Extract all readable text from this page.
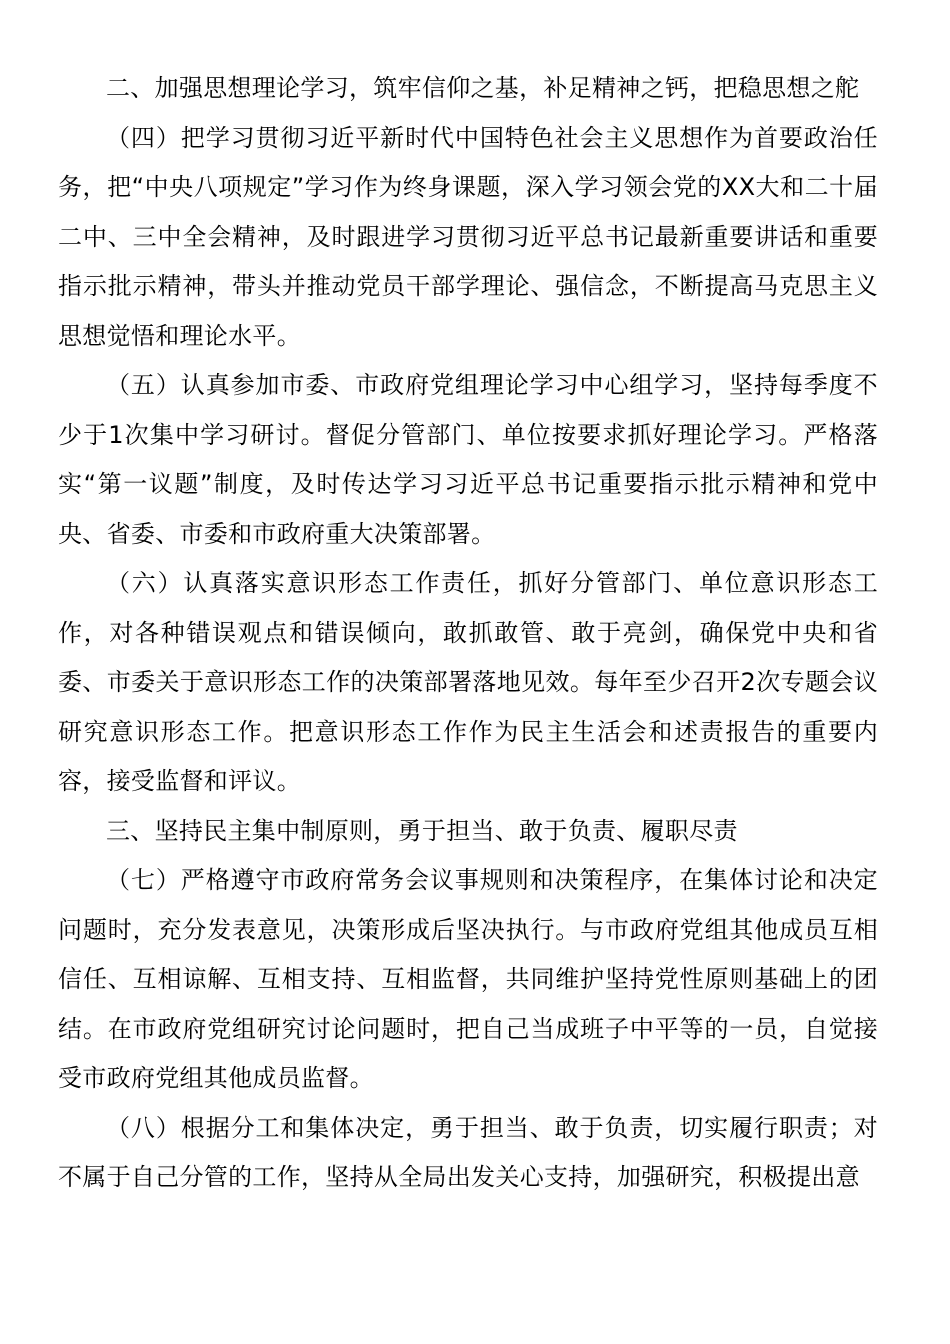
二、加强思想理论学习，筑牢信仰之基，补足精神之钙，把稳思想之舵

（四）把学习贯彻习近平新时代中国特色社会主义思想作为首要政治任务，把“中央八项规定”学习作为终身课题，深入学习领会党的XX大和二十届二中、三中全会精神，及时跟进学习贯彻习近平总书记最新重要讲话和重要指示批示精神，带头并推动党员干部学理论、强信念，不断提高马克思主义思想觉悟和理论水平。

（五）认真参加市委、市政府党组理论学习中心组学习，坚持每季度不少于1次集中学习研讨。督促分管部门、单位按要求抓好理论学习。严格落实“第一议题”制度，及时传达学习习近平总书记重要指示批示精神和党中央、省委、市委和市政府重大决策部署。

（六）认真落实意识形态工作责任，抓好分管部门、单位意识形态工作，对各种错误观点和错误倾向，敢抓敢管、敢于亮剑，确保党中央和省委、市委关于意识形态工作的决策部署落地见效。每年至少召开2次专题会议研究意识形态工作。把意识形态工作作为民主生活会和述责报告的重要内容，接受监督和评议。

三、坚持民主集中制原则，勇于担当、敢于负责、履职尽责

（七）严格遵守市政府常务会议事规则和决策程序，在集体讨论和决定问题时，充分发表意见，决策形成后坚决执行。与市政府党组其他成员互相信任、互相谅解、互相支持、互相监督，共同维护坚持党性原则基础上的团结。在市政府党组研究讨论问题时，把自己当成班子中平等的一员，自觉接受市政府党组其他成员监督。

（八）根据分工和集体决定，勇于担当、敢于负责，切实履行职责；对不属于自己分管的工作，坚持从全局出发关心支持，加强研究，积极提出意
